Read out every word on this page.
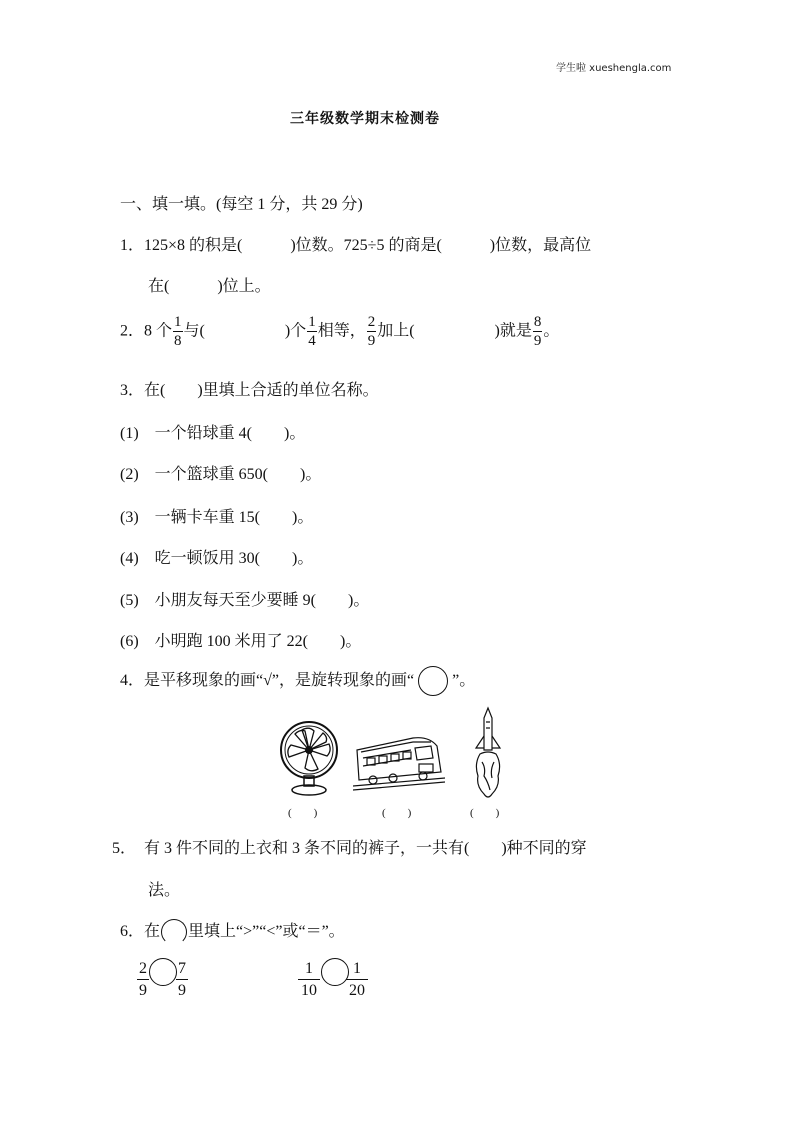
学生啦 xueshengla.com
三年级数学期末检测卷
一、填一填。(每空 1 分，共 29 分)
1．125×8 的积是(　　　)位数。725÷5 的商是(　　　)位数，最高位
在(　　　)位上。
2．8 个 $\frac{1}{8}$ 与(　　　　　)个 $\frac{1}{4}$ 相等， $\frac{2}{9}$ 加上(　　　　　)就是 $\frac{8}{9}$ 。
3．在(　　)里填上合适的单位名称。
(1)　一个铅球重 4(　　)。
(2)　一个篮球重 650(　　)。
(3)　一辆卡车重 15(　　)。
(4)　吃一顿饭用 30(　　)。
(5)　小朋友每天至少要睡 9(　　)。
(6)　小明跑 100 米用了 22(　　)。
4．是平移现象的画“√”，是旋转现象的画“ ”。
(　　)	(　　)	(　　)
5．　有 3 件不同的上衣和 3 条不同的裤子，一共有(　　)种不同的穿
法。
6．在 里填上“>”“<”或“＝”。
$\frac{2}{9} \frac{7}{9}$	$\frac{1}{10} \frac{1}{20}$
